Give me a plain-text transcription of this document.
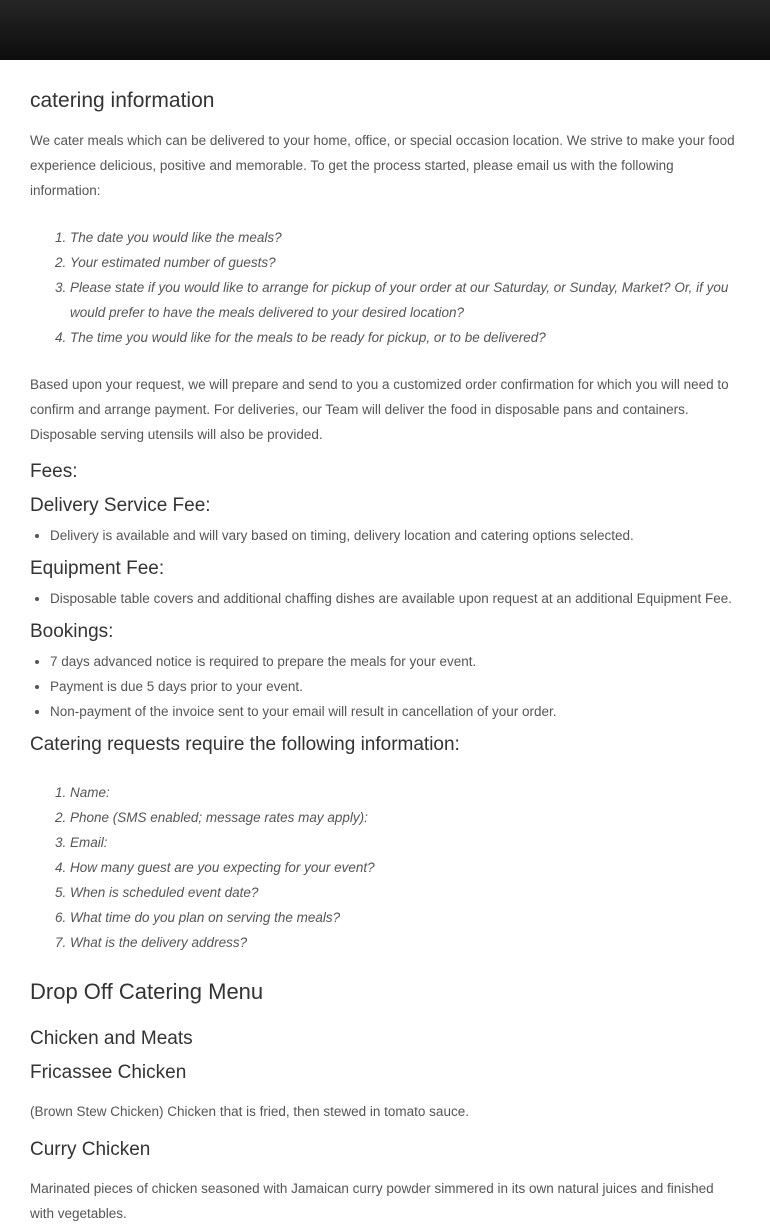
catering information

We cater meals which can be delivered to your home, office, or special occasion location. We strive to make your food experience delicious, positive and memorable. To get the process started, please email us with the following information:

1. The date you would like the meals?
2. Your estimated number of guests?
3. Please state if you would like to arrange for pickup of your order at our Saturday, or Sunday, Market? Or, if you would prefer to have the meals delivered to your desired location?
4. The time you would like for the meals to be ready for pickup, or to be delivered?

Based upon your request, we will prepare and send to you a customized order confirmation for which you will need to confirm and arrange payment. For deliveries, our Team will deliver the food in disposable pans and containers. Disposable serving utensils will also be provided.

Fees:
Delivery Service Fee:
• Delivery is available and will vary based on timing, delivery location and catering options selected.
Equipment Fee:
• Disposable table covers and additional chaffing dishes are available upon request at an additional Equipment Fee.
Bookings:
• 7 days advanced notice is required to prepare the meals for your event.
• Payment is due 5 days prior to your event.
• Non-payment of the invoice sent to your email will result in cancellation of your order.
Catering requests require the following information:
1. Name:
2. Phone (SMS enabled; message rates may apply):
3. Email:
4. How many guest are you expecting for your event?
5. When is scheduled event date?
6. What time do you plan on serving the meals?
7. What is the delivery address?
Drop Off Catering Menu
Chicken and Meats
Fricassee Chicken

(Brown Stew Chicken) Chicken that is fried, then stewed in tomato sauce.

Curry Chicken

Marinated pieces of chicken seasoned with Jamaican curry powder simmered in its own natural juices and finished with vegetables.
